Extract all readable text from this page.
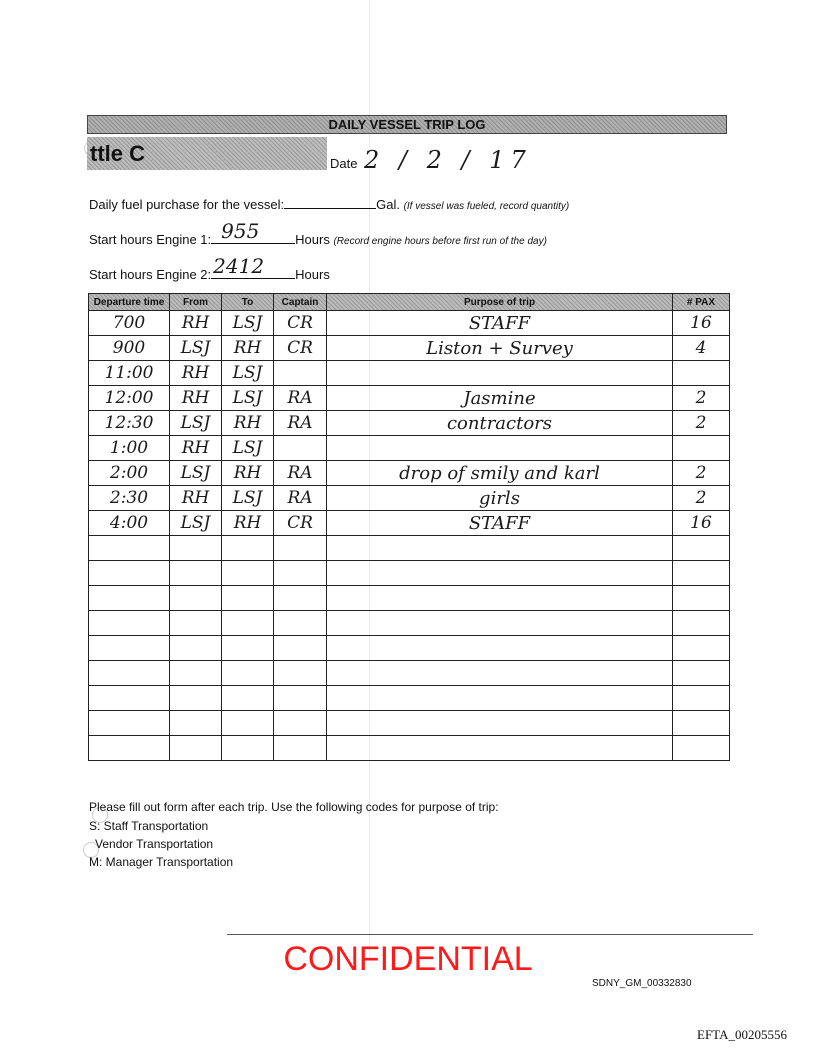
DAILY VESSEL TRIP LOG
ttle C	Date 2 / 2 / 17
Daily fuel purchase for the vessel:	Gal. (If vessel was fueled, record quantity)
Start hours Engine 1: 955	Hours (Record engine hours before first run of the day)
Start hours Engine 2: 2412 Hours
Departure time	From	To	Captain	Purpose of trip	# PAX
700	RH	LSJ	CR	STAFF	16
900	LSJ	RH	CR	Liston + Survey	4
11:00	RH	LSJ			
12:00	RH	LSJ	RA	Jasmine	2
12:30	LSJ	RH	RA	contractors	2
1:00	RH	LSJ			
2:00	LSJ	RH	RA	drop of smily and karl	2
2:30	RH	LSJ	RA	girls	2
4:00	LSJ	RH	CR	STAFF	16

Please fill out form after each trip. Use the following codes for purpose of trip:
S: Staff Transportation
Vendor Transportation
M: Manager Transportation
CONFIDENTIAL
SDNY_GM_00332830
EFTA_00205556
